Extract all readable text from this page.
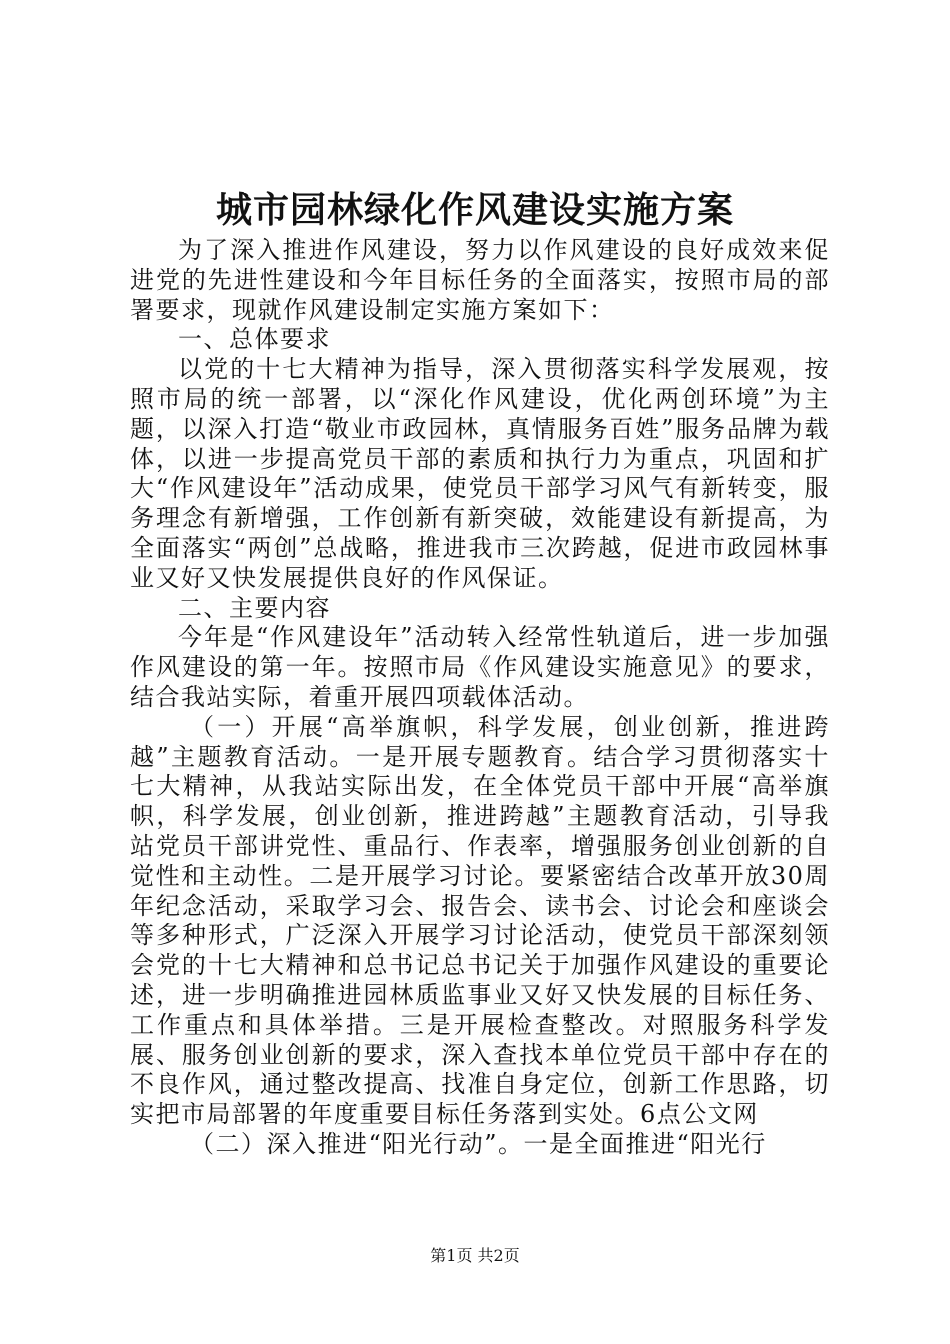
城市园林绿化作风建设实施方案

为了深入推进作风建设，努力以作风建设的良好成效来促进党的先进性建设和今年目标任务的全面落实，按照市局的部署要求，现就作风建设制定实施方案如下：

一、总体要求

以党的十七大精神为指导，深入贯彻落实科学发展观，按照市局的统一部署，以“深化作风建设，优化两创环境”为主题，以深入打造“敬业市政园林，真情服务百姓”服务品牌为载体，以进一步提高党员干部的素质和执行力为重点，巩固和扩大“作风建设年”活动成果，使党员干部学习风气有新转变，服务理念有新增强，工作创新有新突破，效能建设有新提高，为全面落实“两创”总战略，推进我市三次跨越，促进市政园林事业又好又快发展提供良好的作风保证。

二、主要内容

今年是“作风建设年”活动转入经常性轨道后，进一步加强作风建设的第一年。按照市局《作风建设实施意见》的要求，结合我站实际，着重开展四项载体活动。

（一）开展“高举旗帜，科学发展，创业创新，推进跨越”主题教育活动。一是开展专题教育。结合学习贯彻落实十七大精神，从我站实际出发，在全体党员干部中开展“高举旗帜，科学发展，创业创新，推进跨越”主题教育活动，引导我站党员干部讲党性、重品行、作表率，增强服务创业创新的自觉性和主动性。二是开展学习讨论。要紧密结合改革开放30周年纪念活动，采取学习会、报告会、读书会、讨论会和座谈会等多种形式，广泛深入开展学习讨论活动，使党员干部深刻领会党的十七大精神和总书记总书记关于加强作风建设的重要论述，进一步明确推进园林质监事业又好又快发展的目标任务、工作重点和具体举措。三是开展检查整改。对照服务科学发展、服务创业创新的要求，深入查找本单位党员干部中存在的不良作风，通过整改提高、找准自身定位，创新工作思路，切实把市局部署的年度重要目标任务落到实处。6点公文网

（二）深入推进“阳光行动”。一是全面推进“阳光行

第1页 共2页
